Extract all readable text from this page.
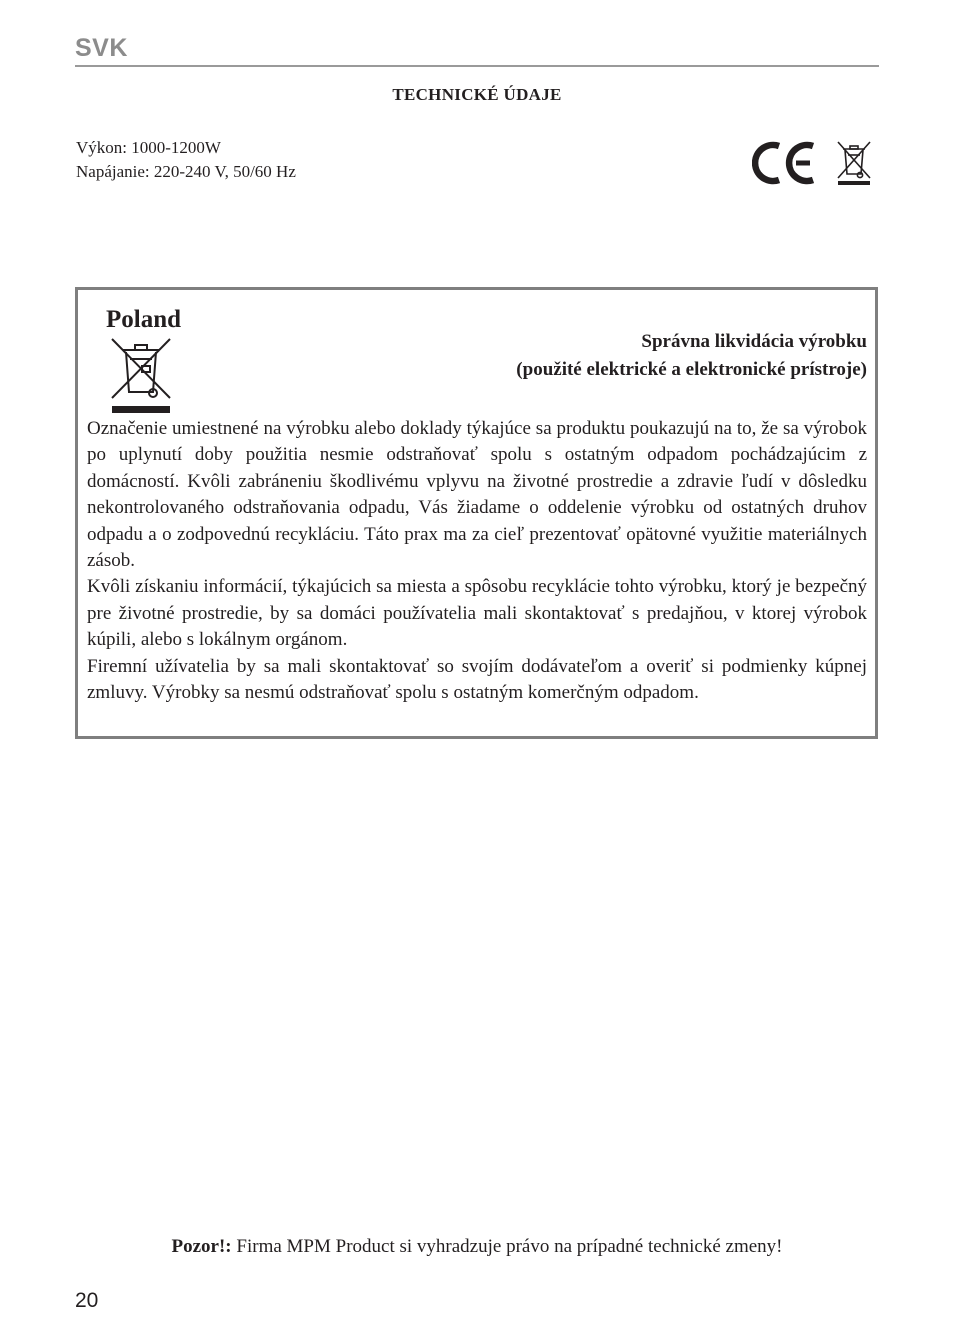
SVK
TECHNICKÉ ÚDAJE
Výkon: 1000-1200W
Napájanie: 220-240 V, 50/60 Hz
Poland
Správna likvidácia výrobku
(použité elektrické a elektronické prístroje)

Označenie umiestnené na výrobku alebo doklady týkajúce sa produktu poukazujú na to, že sa výrobok po uplynutí doby použitia nesmie odstraňovať spolu s ostatným odpadom pochádzajúcim z domácností. Kvôli zabráneniu škodlivému vplyvu na životné prostredie a zdravie ľudí v dôsledku nekontrolovaného odstraňovania odpadu, Vás žiadame o oddelenie výrobku od ostatných druhov odpadu a o zodpovednú recykláciu. Táto prax ma za cieľ prezentovať opätovné využitie materiálnych zásob.

Kvôli získaniu informácií, týkajúcich sa miesta a spôsobu recyklácie tohto výrobku, ktorý je bezpečný pre životné prostredie, by sa domáci používatelia mali skontaktovať s predajňou, v ktorej výrobok kúpili, alebo s lokálnym orgánom.

Firemní užívatelia by sa mali skontaktovať so svojím dodávateľom a overiť si podmienky kúpnej zmluvy. Výrobky sa nesmú odstraňovať spolu s ostatným komerčným odpadom.

Pozor!: Firma MPM Product si vyhradzuje právo na prípadné technické zmeny!
20
